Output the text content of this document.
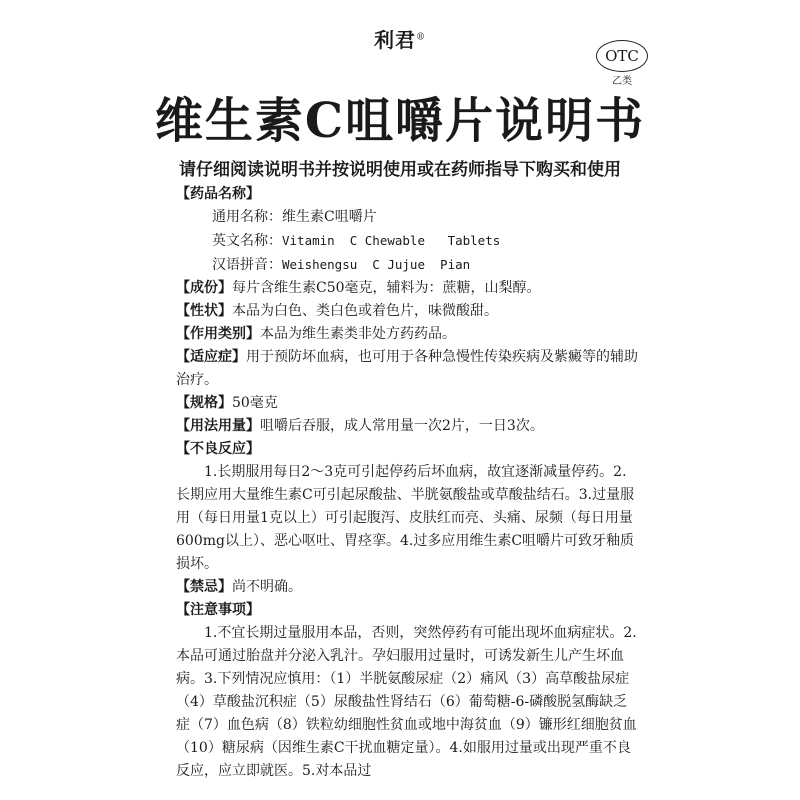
利君®
OTC
乙类
维生素C咀嚼片说明书
请仔细阅读说明书并按说明使用或在药师指导下购买和使用

【药品名称】

通用名称：维生素C咀嚼片

英文名称：Vitamin  C Chewable   Tablets

汉语拼音：Weishengsu  C Jujue  Pian

【成份】每片含维生素C50毫克，辅料为：蔗糖，山梨醇。

【性状】本品为白色、类白色或着色片，味微酸甜。

【作用类别】本品为维生素类非处方药药品。

【适应症】用于预防坏血病，也可用于各种急慢性传染疾病及紫癜等的辅助治疗。

【规格】50毫克

【用法用量】咀嚼后吞服，成人常用量一次2片，一日3次。

【不良反应】

1.长期服用每日2～3克可引起停药后坏血病，故宜逐渐减量停药。2.长期应用大量维生素C可引起尿酸盐、半胱氨酸盐或草酸盐结石。3.过量服用（每日用量1克以上）可引起腹泻、皮肤红而亮、头痛、尿频（每日用量600mg以上）、恶心呕吐、胃痉挛。4.过多应用维生素C咀嚼片可致牙釉质损坏。

【禁忌】尚不明确。

【注意事项】

1.不宜长期过量服用本品，否则，突然停药有可能出现坏血病症状。2.本品可通过胎盘并分泌入乳汁。孕妇服用过量时，可诱发新生儿产生坏血病。3.下列情况应慎用：（1）半胱氨酸尿症（2）痛风（3）高草酸盐尿症（4）草酸盐沉积症（5）尿酸盐性肾结石（6）葡萄糖-6-磷酸脱氢酶缺乏症（7）血色病（8）铁粒幼细胞性贫血或地中海贫血（9）镰形红细胞贫血（10）糖尿病（因维生素C干扰血糖定量）。4.如服用过量或出现严重不良反应，应立即就医。5.对本品过
